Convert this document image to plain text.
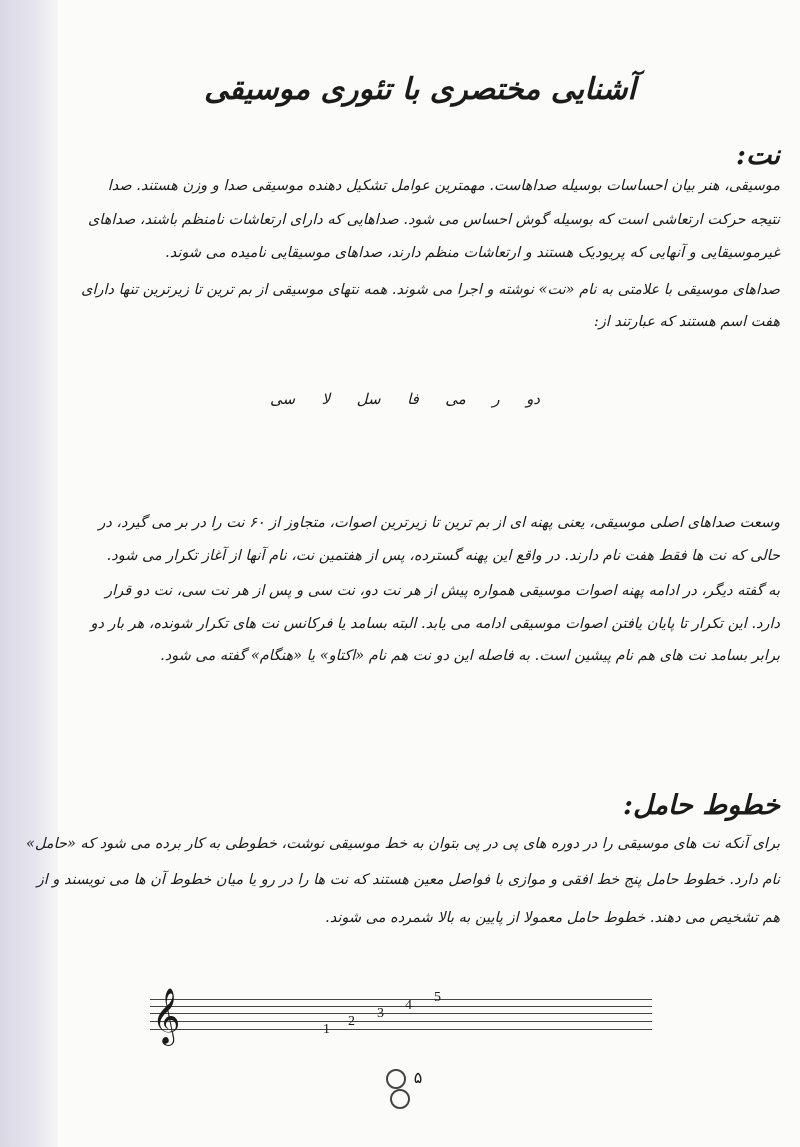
آشنایی مختصری با تئوری موسیقی
نت:
موسیقی، هنر بیان احساسات بوسیله صداهاست. مهمترین عوامل تشکیل دهنده موسیقی صدا و وزن هستند. صدا
نتیجه حرکت ارتعاشی است که بوسیله گوش احساس می شود. صداهایی که دارای ارتعاشات نامنظم باشند، صداهای
غیرموسیقایی و آنهایی که پریودیک هستند و ارتعاشات منظم دارند، صداهای موسیقایی نامیده می شوند.
صداهای موسیقی با علامتی به نام «نت» نوشته و اجرا می شوند. همه نتهای موسیقی از بم ترین تا زیرترین تنها دارای
هفت اسم هستند که عبارتند از:
دو
ر
می
فا
سل
لا
سی
وسعت صداهای اصلی موسیقی، یعنی پهنه ای از بم ترین تا زیرترین اصوات، متجاوز از ۶۰ نت را در بر می گیرد، در
حالی که نت ها فقط هفت نام دارند. در واقع این پهنه گسترده، پس از هفتمین نت، نام آنها از آغاز تکرار می شود.
به گفته دیگر، در ادامه پهنه اصوات موسیقی همواره پیش از هر نت دو، نت سی و پس از هر نت سی، نت دو قرار
دارد. این تکرار تا پایان یافتن اصوات موسیقی ادامه می یابد. البته بسامد یا فرکانس نت های تکرار شونده، هر بار دو
برابر بسامد نت های هم نام پیشین است. به فاصله این دو نت هم نام «اکتاو» یا «هنگام» گفته می شود.
خطوط حامل:
برای آنکه نت های موسیقی را در دوره های پی در پی بتوان به خط موسیقی نوشت، خطوطی به کار برده می شود که «حامل»
نام دارد. خطوط حامل پنج خط افقی و موازی با فواصل معین هستند که نت ها را در رو یا میان خطوط آن ها می نویسند و از
هم تشخیص می دهند. خطوط حامل معمولا از پایین به بالا شمرده می شوند.
𝄞	1
2
3
4
5
۵
